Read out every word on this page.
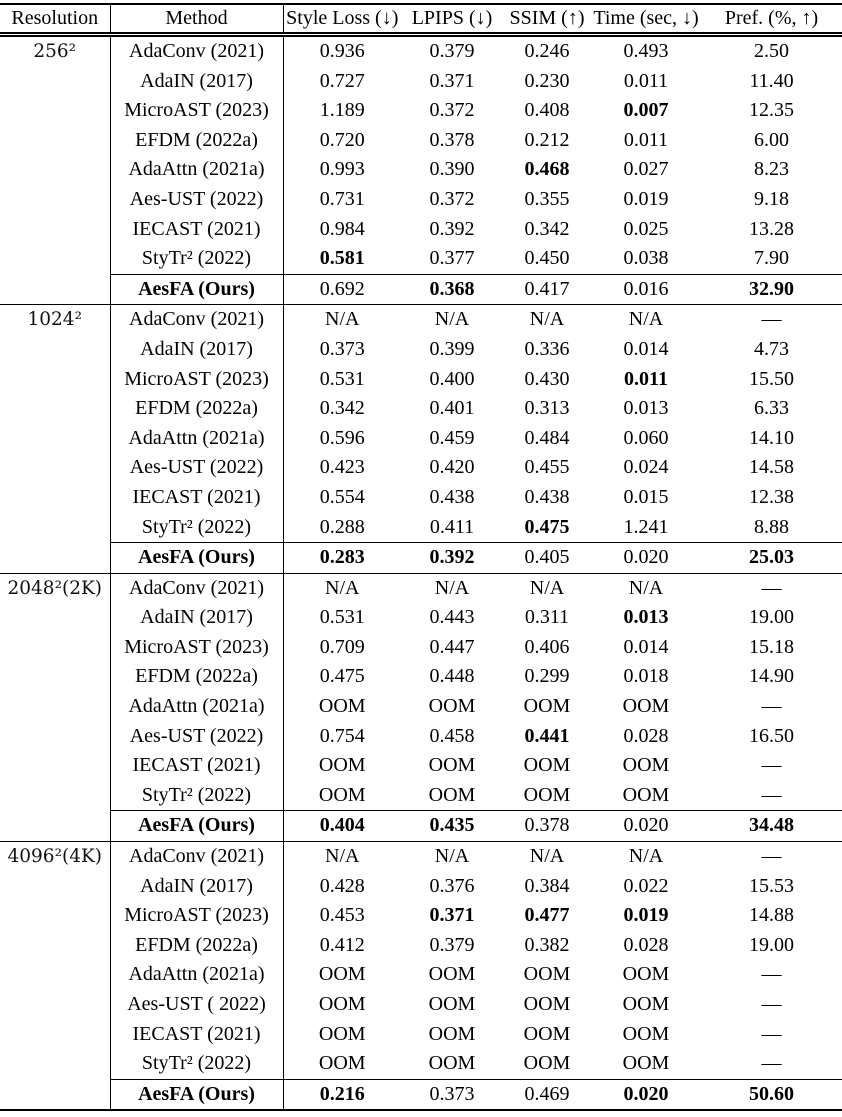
Resolution	Method	Style Loss (↓)	LPIPS (↓)	SSIM (↑)	Time (sec, ↓)	Pref. (%, ↑)
256²	AdaConv (2021)	0.936	0.379	0.246	0.493	2.50
	AdaIN (2017)	0.727	0.371	0.230	0.011	11.40
	MicroAST (2023)	1.189	0.372	0.408	0.007	12.35
	EFDM (2022a)	0.720	0.378	0.212	0.011	6.00
	AdaAttn (2021a)	0.993	0.390	0.468	0.027	8.23
	Aes-UST (2022)	0.731	0.372	0.355	0.019	9.18
	IECAST (2021)	0.984	0.392	0.342	0.025	13.28
	StyTr² (2022)	0.581	0.377	0.450	0.038	7.90
	AesFA (Ours)	0.692	0.368	0.417	0.016	32.90
1024²	AdaConv (2021)	N/A	N/A	N/A	N/A	—
	AdaIN (2017)	0.373	0.399	0.336	0.014	4.73
	MicroAST (2023)	0.531	0.400	0.430	0.011	15.50
	EFDM (2022a)	0.342	0.401	0.313	0.013	6.33
	AdaAttn (2021a)	0.596	0.459	0.484	0.060	14.10
	Aes-UST (2022)	0.423	0.420	0.455	0.024	14.58
	IECAST (2021)	0.554	0.438	0.438	0.015	12.38
	StyTr² (2022)	0.288	0.411	0.475	1.241	8.88
	AesFA (Ours)	0.283	0.392	0.405	0.020	25.03
2048²(2K)	AdaConv (2021)	N/A	N/A	N/A	N/A	—
	AdaIN (2017)	0.531	0.443	0.311	0.013	19.00
	MicroAST (2023)	0.709	0.447	0.406	0.014	15.18
	EFDM (2022a)	0.475	0.448	0.299	0.018	14.90
	AdaAttn (2021a)	OOM	OOM	OOM	OOM	—
	Aes-UST (2022)	0.754	0.458	0.441	0.028	16.50
	IECAST (2021)	OOM	OOM	OOM	OOM	—
	StyTr² (2022)	OOM	OOM	OOM	OOM	—
	AesFA (Ours)	0.404	0.435	0.378	0.020	34.48
4096²(4K)	AdaConv (2021)	N/A	N/A	N/A	N/A	—
	AdaIN (2017)	0.428	0.376	0.384	0.022	15.53
	MicroAST (2023)	0.453	0.371	0.477	0.019	14.88
	EFDM (2022a)	0.412	0.379	0.382	0.028	19.00
	AdaAttn (2021a)	OOM	OOM	OOM	OOM	—
	Aes-UST ( 2022)	OOM	OOM	OOM	OOM	—
	IECAST (2021)	OOM	OOM	OOM	OOM	—
	StyTr² (2022)	OOM	OOM	OOM	OOM	—
	AesFA (Ours)	0.216	0.373	0.469	0.020	50.60
